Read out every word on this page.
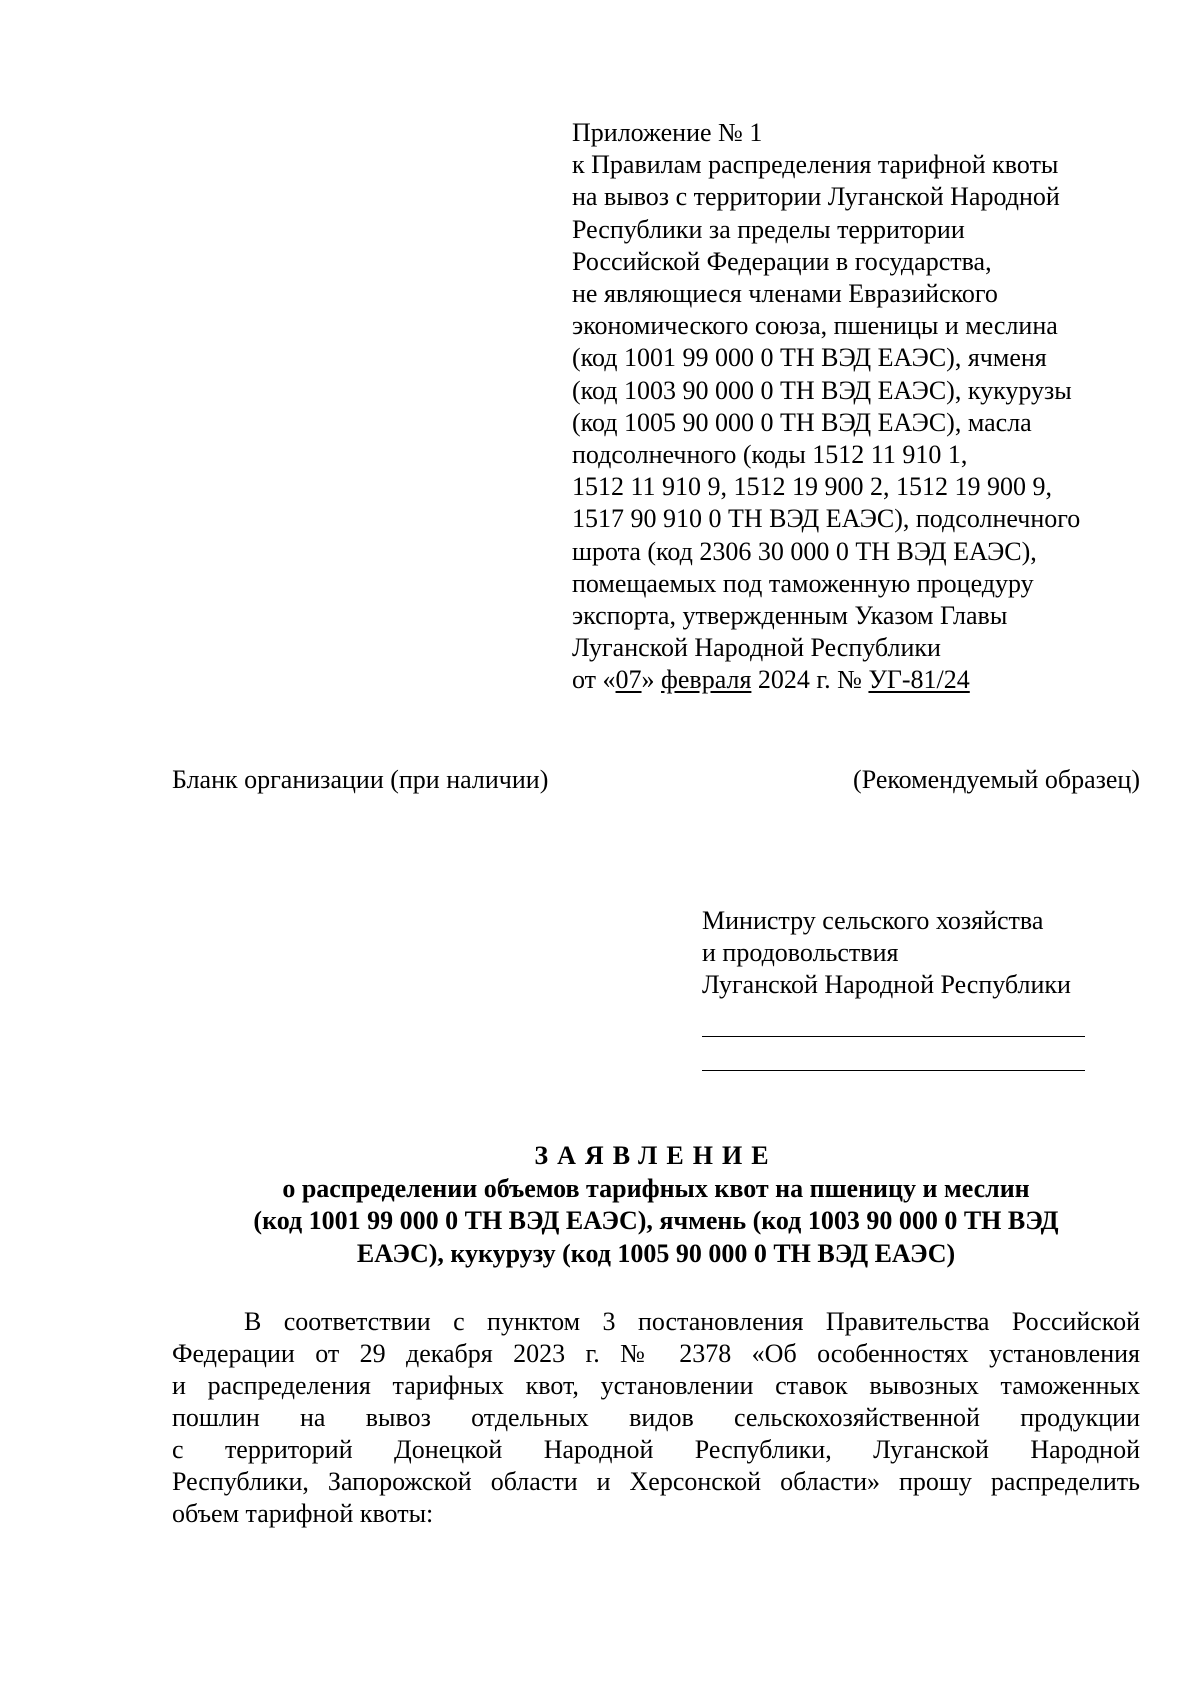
Приложение № 1
к Правилам распределения тарифной квоты
на вывоз с территории Луганской Народной
Республики за пределы территории
Российской Федерации в государства,
не являющиеся членами Евразийского
экономического союза, пшеницы и меслина
(код 1001 99 000 0 ТН ВЭД ЕАЭС), ячменя
(код 1003 90 000 0 ТН ВЭД ЕАЭС), кукурузы
(код 1005 90 000 0 ТН ВЭД ЕАЭС), масла
подсолнечного (коды 1512 11 910 1,
1512 11 910 9, 1512 19 900 2, 1512 19 900 9,
1517 90 910 0 ТН ВЭД ЕАЭС), подсолнечного
шрота (код 2306 30 000 0 ТН ВЭД ЕАЭС),
помещаемых под таможенную процедуру
экспорта, утвержденным Указом Главы
Луганской Народной Республики
от «07» февраля 2024 г. № УГ-81/24
Бланк организации (при наличии)	(Рекомендуемый образец)
Министру сельского хозяйства
и продовольствия
Луганской Народной Республики
ЗАЯВЛЕНИЕ
о распределении объемов тарифных квот на пшеницу и меслин
(код 1001 99 000 0 ТН ВЭД ЕАЭС), ячмень (код 1003 90 000 0 ТН ВЭД
ЕАЭС), кукурузу (код 1005 90 000 0 ТН ВЭД ЕАЭС)
В соответствии с пунктом 3 постановления Правительства Российской
Федерации от 29 декабря 2023 г. № 2378 «Об особенностях установления
и распределения тарифных квот, установлении ставок вывозных таможенных
пошлин на вывоз отдельных видов сельскохозяйственной продукции
с территорий Донецкой Народной Республики, Луганской Народной
Республики, Запорожской области и Херсонской области» прошу распределить
объем тарифной квоты:
